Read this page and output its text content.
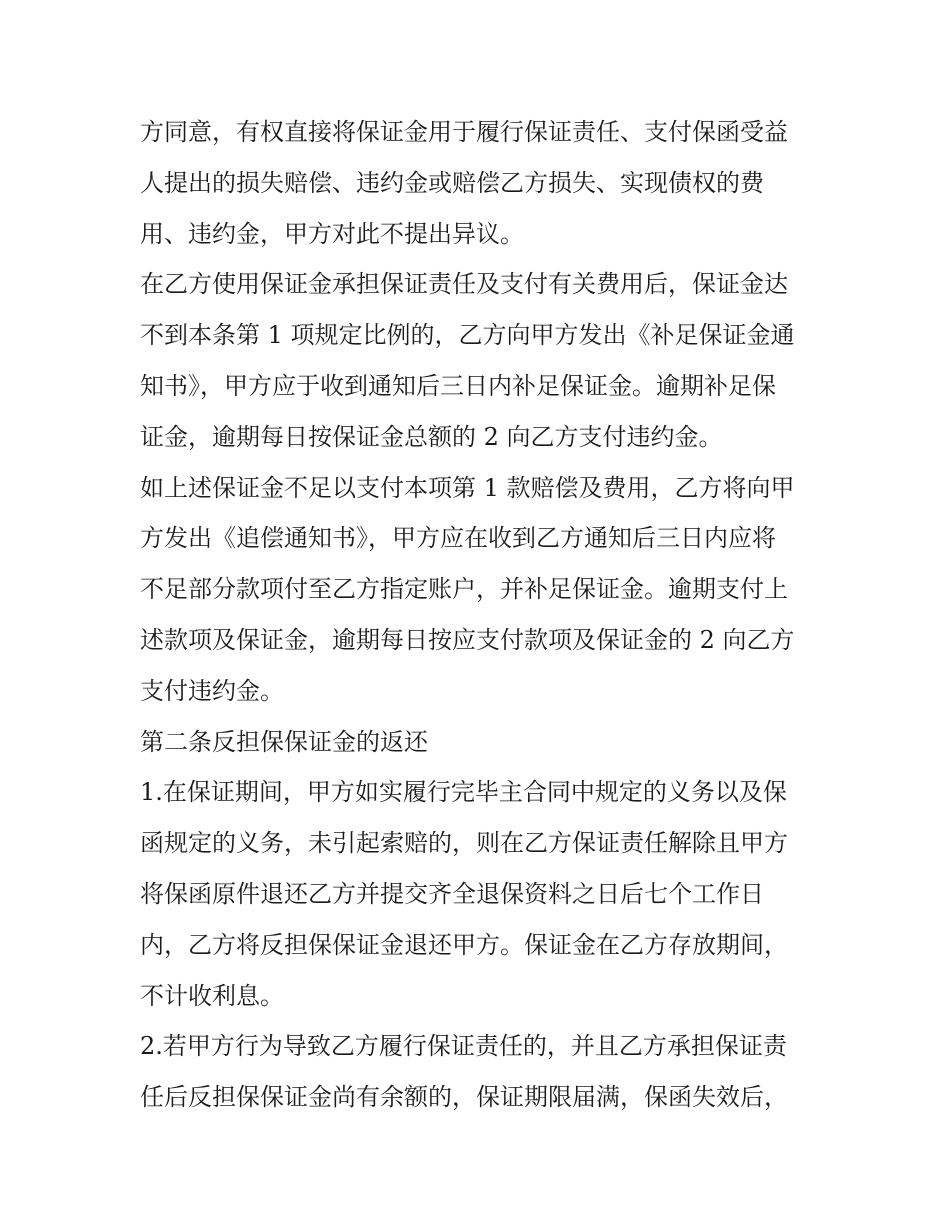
方同意，有权直接将保证金用于履行保证责任、支付保函受益
人提出的损失赔偿、违约金或赔偿乙方损失、实现债权的费
用、违约金，甲方对此不提出异议。
在乙方使用保证金承担保证责任及支付有关费用后，保证金达
不到本条第 1 项规定比例的，乙方向甲方发出《补足保证金通
知书》，甲方应于收到通知后三日内补足保证金。逾期补足保
证金，逾期每日按保证金总额的 2 向乙方支付违约金。
如上述保证金不足以支付本项第 1 款赔偿及费用，乙方将向甲
方发出《追偿通知书》，甲方应在收到乙方通知后三日内应将
不足部分款项付至乙方指定账户，并补足保证金。逾期支付上
述款项及保证金，逾期每日按应支付款项及保证金的 2 向乙方
支付违约金。
第二条反担保保证金的返还
1.在保证期间，甲方如实履行完毕主合同中规定的义务以及保
函规定的义务，未引起索赔的，则在乙方保证责任解除且甲方
将保函原件退还乙方并提交齐全退保资料之日后七个工作日
内，乙方将反担保保证金退还甲方。保证金在乙方存放期间，
不计收利息。
2.若甲方行为导致乙方履行保证责任的，并且乙方承担保证责
任后反担保保证金尚有余额的，保证期限届满，保函失效后，
